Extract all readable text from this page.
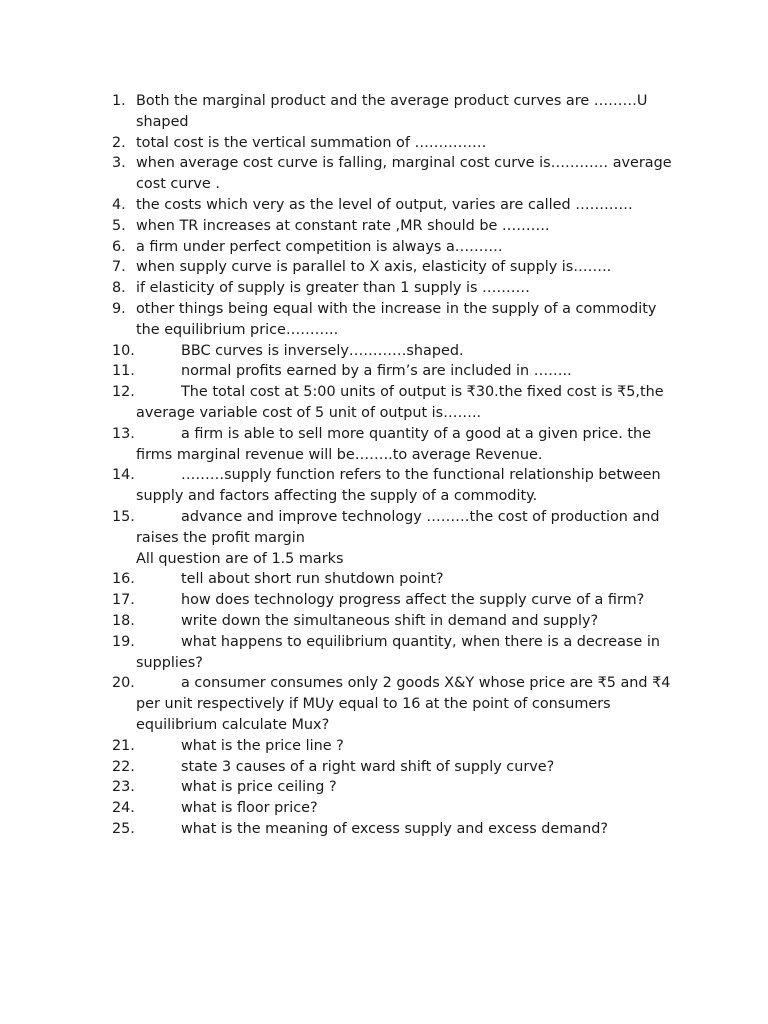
1. Both the marginal product and the average product curves are ………U shaped
2. total cost is the vertical summation of ……………
3. when average cost curve is falling, marginal cost curve is………… average cost curve .
4. the costs which very as the level of output, varies are called …………
5. when TR increases at constant rate ,MR should be ……….
6. a firm under perfect competition is always a……….
7. when supply curve is parallel to X axis, elasticity of supply is……..
8. if elasticity of supply is greater than 1 supply is ……….
9. other things being equal with the increase in the supply of a commodity the equilibrium price………..
10.	BBC curves is inversely…………shaped.
11.	normal profits earned by a firm’s are included in ……..
12.	The total cost at 5:00 units of output is ₹30.the fixed cost is ₹5,the average variable cost of 5 unit of output is……..
13.	a firm is able to sell more quantity of a good at a given price. the firms marginal revenue will be……..to average Revenue.
14.	………supply function refers to the functional relationship between supply and factors affecting the supply of a commodity.
15.	advance and improve technology ………the cost of production and raises the profit margin
All question are of 1.5 marks
16.	tell about short run shutdown point?
17.	how does technology progress affect the supply curve of a firm?
18.	write down the simultaneous shift in demand and supply?
19.	what happens to equilibrium quantity, when there is a decrease in supplies?
20.	a consumer consumes only 2 goods X&Y whose price are ₹5 and ₹4 per unit respectively if MUy equal to 16 at the point of consumers equilibrium calculate Mux?
21.	what is the price line ?
22.	state 3 causes of a right ward shift of supply curve?
23.	what is price ceiling ?
24.	what is floor price?
25.	what is the meaning of excess supply and excess demand?
